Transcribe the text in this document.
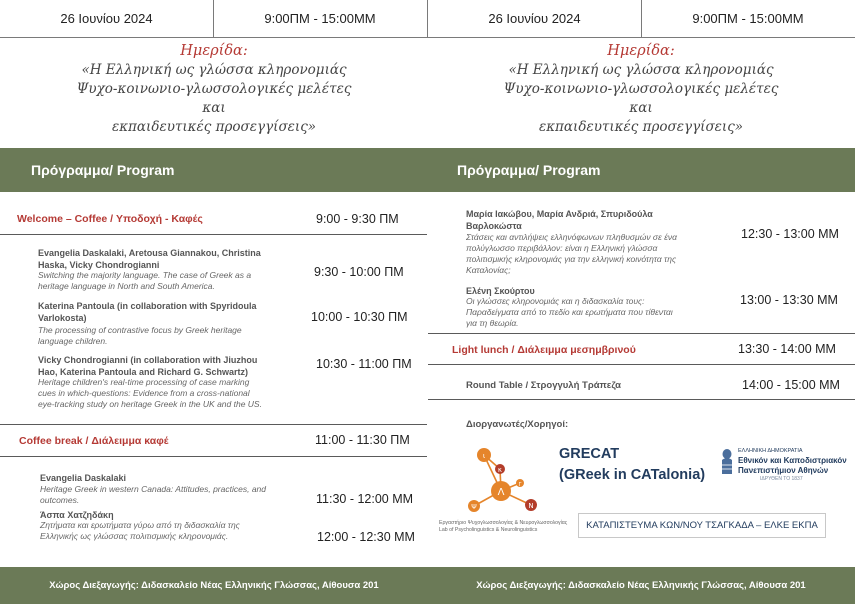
26 Ιουνίου 2024	9:00ΠΜ - 15:00ΜΜ	26 Ιουνίου 2024	9:00ΠΜ - 15:00ΜΜ
Ημερίδα:
«Η Ελληνική ως γλώσσα κληρονομιάς
Ψυχο-κοινωνιο-γλωσσολογικές μελέτες
και
εκπαιδευτικές προσεγγίσεις»
Ημερίδα:
«Η Ελληνική ως γλώσσα κληρονομιάς
Ψυχο-κοινωνιο-γλωσσολογικές μελέτες
και
εκπαιδευτικές προσεγγίσεις»
Πρόγραμμα/ Program	Πρόγραμμα/ Program
Welcome – Coffee / Υποδοχή - Καφές	9:00 - 9:30 ΠΜ
Evangelia Daskalaki, Aretousa Giannakou, Christina
Haska, Vicky Chondrogianni
Switching the majority language. The case of Greek as a
heritage language in North and South America.
9:30 - 10:00 ΠΜ
Katerina Pantoula (in collaboration with Spyridoula
Varlokosta)
The processing of contrastive focus by Greek heritage
language children.
10:00 - 10:30 ΠΜ
Vicky Chondrogianni (in collaboration with Jiuzhou
Hao, Katerina Pantoula and Richard G. Schwartz)
Heritage children's real-time processing of case marking
cues in which-questions: Evidence from a cross-national
eye-tracking study on heritage Greek in the UK and the US.
10:30 - 11:00 ΠΜ
Coffee break / Διάλειμμα καφέ	11:00 - 11:30 ΠΜ
Evangelia Daskalaki
Heritage Greek in western Canada: Attitudes, practices, and
outcomes.	11:30 - 12:00 ΜΜ
Άσπα Χατζηδάκη
Ζητήματα και ερωτήματα γύρω από τη διδασκαλία της
Ελληνικής ως γλώσσας πολιτισμικής κληρονομιάς.	12:00 - 12:30 ΜΜ
Μαρία Ιακώβου, Μαρία Ανδριά, Σπυριδούλα
Βαρλοκώστα
Στάσεις και αντιλήψεις ελληνόφωνων πληθυσμών σε ένα
πολύγλωσσο περιβάλλον: είναι η Ελληνική γλώσσα
πολιτισμικής κληρονομιάς για την ελληνική κοινότητα της
Καταλονίας;
12:30 - 13:00 ΜΜ
Ελένη Σκούρτου
Οι γλώσσες κληρονομιάς και η διδασκαλία τους:
Παραδείγματα από το πεδίο και ερωτήματα που τίθενται
για τη θεωρία.
13:00 - 13:30 ΜΜ
Light lunch / Διάλειμμα μεσημβρινού	13:30 - 14:00 ΜΜ
Round Table / Στρογγυλή Τράπεζα	14:00 - 15:00 ΜΜ
Διοργανωτές/Χορηγοί:
ι
κ
Ψ
Λ
Γ
Ν
Εργαστήριο Ψυχογλωσσολογίας & Νευρογλωσσολογίας
Lab of Psycholinguistics & Neurolinguistics
GRECAT
(GReek in CATalonia)
ΕΛΛΗΝΙΚΗ ΔΗΜΟΚΡΑΤΙΑ
Εθνικόν και Καποδιστριακόν
Πανεπιστήμιον Αθηνών
ΙΔΡΥΘΕΝ ΤΟ 1837
ΚΑΤΑΠΙΣΤΕΥΜΑ ΚΩΝ/ΝΟΥ ΤΣΑΓΚΑΔΑ – ΕΛΚΕ ΕΚΠΑ
Χώρος Διεξαγωγής: Διδασκαλείο Νέας Ελληνικής Γλώσσας, Αίθουσα 201	Χώρος Διεξαγωγής: Διδασκαλείο Νέας Ελληνικής Γλώσσας, Αίθουσα 201
